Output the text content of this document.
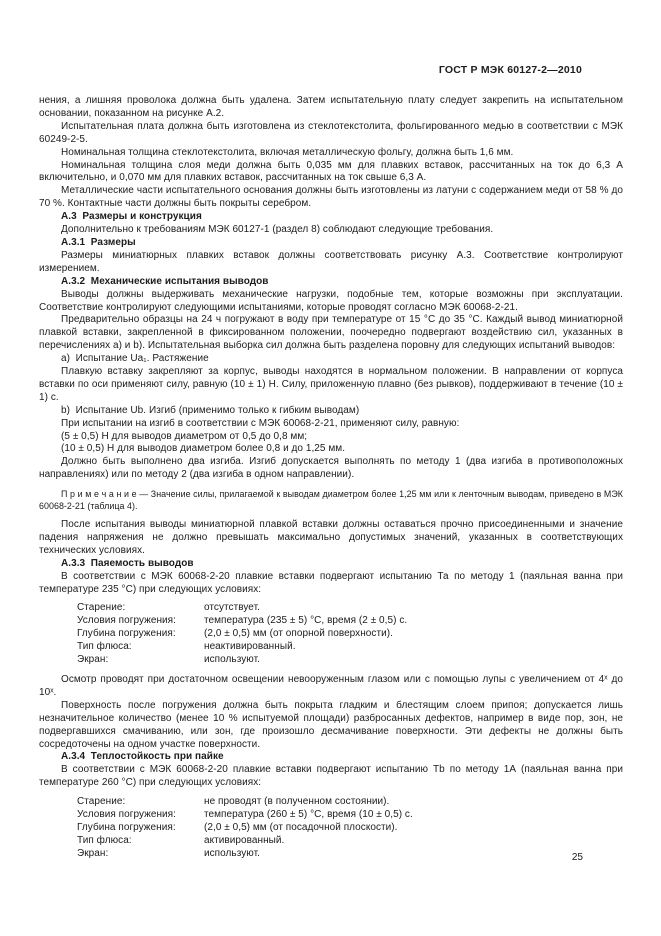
ГОСТ Р МЭК 60127-2—2010
нения, а лишняя проволока должна быть удалена. Затем испытательную плату следует закрепить на испытательном основании, показанном на рисунке А.2.
Испытательная плата должна быть изготовлена из стеклотекстолита, фольгированного медью в соответствии с МЭК 60249-2-5.
Номинальная толщина стеклотекстолита, включая металлическую фольгу, должна быть 1,6 мм.
Номинальная толщина слоя меди должна быть 0,035 мм для плавких вставок, рассчитанных на ток до 6,3 А включительно, и 0,070 мм для плавких вставок, рассчитанных на ток свыше 6,3 А.
Металлические части испытательного основания должны быть изготовлены из латуни с содержанием меди от 58 % до 70 %. Контактные части должны быть покрыты серебром.
А.3  Размеры и конструкция
Дополнительно к требованиям МЭК 60127-1 (раздел 8) соблюдают следующие требования.
А.3.1  Размеры
Размеры миниатюрных плавких вставок должны соответствовать рисунку А.3. Соответствие контролируют измерением.
А.3.2  Механические испытания выводов
Выводы должны выдерживать механические нагрузки, подобные тем, которые возможны при эксплуатации. Соответствие контролируют следующими испытаниями, которые проводят согласно МЭК 60068-2-21.
Предварительно образцы на 24 ч погружают в воду при температуре от 15 °С до 35 °С. Каждый вывод миниатюрной плавкой вставки, закрепленной в фиксированном положении, поочередно подвергают воздействию сил, указанных в перечислениях а) и b). Испытательная выборка сил должна быть разделена поровну для следующих испытаний выводов:
а)  Испытание Ua₁. Растяжение
Плавкую вставку закрепляют за корпус, выводы находятся в нормальном положении. В направлении от корпуса вставки по оси применяют силу, равную (10 ± 1) Н. Силу, приложенную плавно (без рывков), поддерживают в течение (10 ± 1) с.
b)  Испытание Ub. Изгиб (применимо только к гибким выводам)
При испытании на изгиб в соответствии с МЭК 60068-2-21, применяют силу, равную:
(5 ± 0,5) Н для выводов диаметром от 0,5 до 0,8 мм;
(10 ± 0,5) Н для выводов диаметром более 0,8 и до 1,25 мм.
Должно быть выполнено два изгиба. Изгиб допускается выполнять по методу 1 (два изгиба в противоположных направлениях) или по методу 2 (два изгиба в одном направлении).
П р и м е ч а н и е — Значение силы, прилагаемой к выводам диаметром более 1,25 мм или к ленточным выводам, приведено в МЭК 60068-2-21 (таблица 4).
После испытания выводы миниатюрной плавкой вставки должны оставаться прочно присоединенными и значение падения напряжения не должно превышать максимально допустимых значений, указанных в соответствующих технических условиях.
А.3.3  Паяемость выводов
В соответствии с МЭК 60068-2-20 плавкие вставки подвергают испытанию Та по методу 1 (паяльная ванна при температуре 235 °С) при следующих условиях:
Старение:	отсутствует.
Условия погружения:	температура (235 ± 5) °С, время (2 ± 0,5) с.
Глубина погружения:	(2,0 ± 0,5) мм (от опорной поверхности).
Тип флюса:	неактивированный.
Экран:	используют.
Осмотр проводят при достаточном освещении невооруженным глазом или с помощью лупы с увеличением от 4ˣ до 10ˣ.
Поверхность после погружения должна быть покрыта гладким и блестящим слоем припоя; допускается лишь незначительное количество (менее 10 % испытуемой площади) разбросанных дефектов, например в виде пор, зон, не подвергавшихся смачиванию, или зон, где произошло десмачивание поверхности. Эти дефекты не должны быть сосредоточены на одном участке поверхности.
А.3.4  Теплостойкость при пайке
В соответствии с МЭК 60068-2-20 плавкие вставки подвергают испытанию Tb по методу 1А (паяльная ванна при температуре 260 °С) при следующих условиях:
Старение:	не проводят (в полученном состоянии).
Условия погружения:	температура (260 ± 5) °С, время (10 ± 0,5) с.
Глубина погружения:	(2,0 ± 0,5) мм (от посадочной плоскости).
Тип флюса:	активированный.
Экран:	используют.	25
